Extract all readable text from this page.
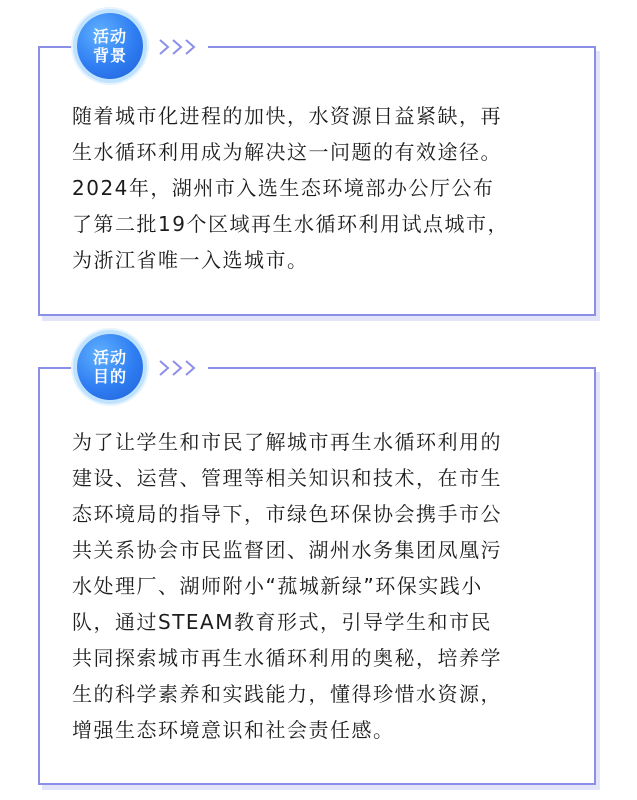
随着城市化进程的加快，水资源日益紧缺，再
生水循环利用成为解决这一问题的有效途径。
2024年，湖州市入选生态环境部办公厅公布
了第二批19个区域再生水循环利用试点城市，
为浙江省唯一入选城市。
活动
背景
为了让学生和市民了解城市再生水循环利用的
建设、运营、管理等相关知识和技术，在市生
态环境局的指导下，市绿色环保协会携手市公
共关系协会市民监督团、湖州水务集团凤凰污
水处理厂、湖师附小“菰城新绿”环保实践小
队，通过STEAM教育形式，引导学生和市民
共同探索城市再生水循环利用的奥秘，培养学
生的科学素养和实践能力，懂得珍惜水资源，
增强生态环境意识和社会责任感。
活动
目的
